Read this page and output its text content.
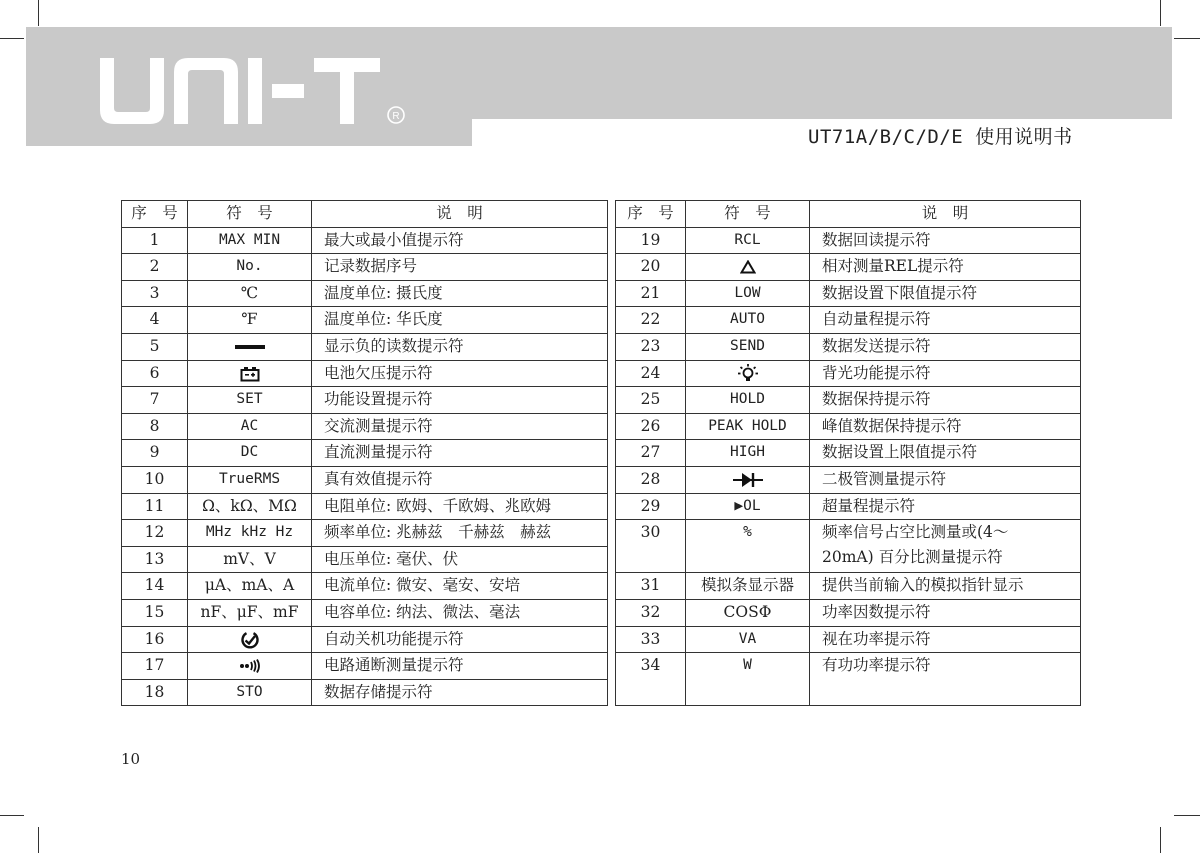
R
UT71A/B/C/D/E 使用说明书
序　号	符　号	说　明
1	MAX MIN	最大或最小值提示符
2	No.	记录数据序号
3	℃	温度单位: 摄氏度
4	℉	温度单位: 华氏度
5		显示负的读数提示符
6		电池欠压提示符
7	SET	功能设置提示符
8	AC	交流测量提示符
9	DC	直流测量提示符
10	TrueRMS	真有效值提示符
11	Ω、kΩ、MΩ	电阻单位: 欧姆、千欧姆、兆欧姆
12	MHz kHz Hz	频率单位: 兆赫兹　千赫兹　赫兹
13	mV、V	电压单位: 毫伏、伏
14	μA、mA、A	电流单位: 微安、毫安、安培
15	nF、μF、mF	电容单位: 纳法、微法、毫法
16		自动关机功能提示符
17		电路通断测量提示符
18	STO	数据存储提示符
序　号	符　号	说　明
19	RCL	数据回读提示符
20		相对测量REL提示符
21	LOW	数据设置下限值提示符
22	AUTO	自动量程提示符
23	SEND	数据发送提示符
24		背光功能提示符
25	HOLD	数据保持提示符
26	PEAK HOLD	峰值数据保持提示符
27	HIGH	数据设置上限值提示符
28		二极管测量提示符
29	▶OL	超量程提示符
30	%	频率信号占空比测量或(4～
20mA) 百分比测量提示符
31	模拟条显示器	提供当前输入的模拟指针显示
32	COSΦ	功率因数提示符
33	VA	视在功率提示符
34	W	有功功率提示符
10
